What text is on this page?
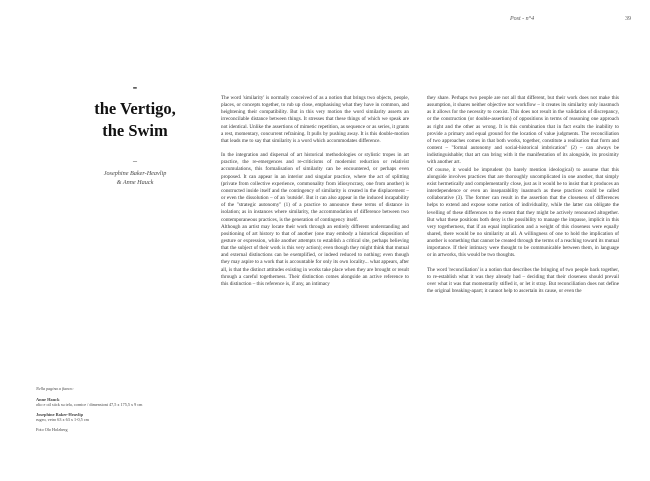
Post - n°4	39
-
the Vertigo,
the Swim
–
Josephine Baker-Heavlip
& Anne Hauck
Nella pagina a fianco:
Anne Hauck
olio e oil stick su tela, cornice / dimensioni 47,5 x 175,5 x 9 cm
Josephine Baker-Heavlip
rugeo, vetro 63 x 63 x 1-0,5 cm
Foto Olo Holzberg

The word 'similarity' is normally conceived of as a notion that brings two objects, people, places, or concepts together, to rub up close, emphasising what they have in common, and heightening their compatibility. But in this very motion the word similarity asserts an irreconcilable distance between things. It stresses that these things of which we speak are not identical. Unlike the assertions of mimetic repetition, as sequence or as series, it grants a rest, momentary, concurrent refraining. It pulls by pushing away. It is this double-motion that leads me to say that similarity is a word which accommodates difference.

In the integration and dispersal of art historical methodologies or stylistic tropes in art practice, the re-emergences and re-criticisms of modernist reduction or relativist accumulations, this formalisation of similarity can be encountered, or perhaps even proposed. It can appear in an interior and singular practice, where the act of splitting (private from collective experience, commonality from idiosyncrasy, one from another) is constructed inside itself and the contingency of similarity is created in the displacement – or even the dissolution – of an 'outside'. But it can also appear in the induced incapability of the "strategic autonomy" (1) of a practice to announce these terms of distance in isolation; as in instances where similarity, the accommodation of difference between two contemporaneous practices, is the generation of contingency itself.

Although an artist may locate their work through an entirely different understanding and positioning of art history to that of another (one may embody a historical disposition of gesture or expression, while another attempts to establish a critical site, perhaps believing that the subject of their work is this very action); even though they might think that mutual and external distinctions can be exemplified, or indeed reduced to nothing; even though they may aspire to a work that is accountable for only its own locality... what appears, after all, is that the distinct attitudes existing in works take place when they are brought or result through a careful togetherness. Their distinction comes alongside an active reference to this distinction – this reference is, if any, an intimacy

they share. Perhaps two people are not all that different, but their work does not make this assumption, it shares neither objective nor workflow – it creates its similarity only inasmuch as it allows for the necessity to coexist. This does not result in the validation of discrepancy, or the construction (or double-assertion) of oppositions in terms of reasoning one approach as right and the other as wrong. It is this combination that in fact exalts the inability to provide a primary and equal ground for the location of value judgments. The reconciliation of two approaches comes in that both works, together, constitute a realisation that form and content – "formal autonomy and social-historical imbrication" (2) – can always be indistinguishable; that art can bring with it the manifestation of its alongside, its proximity with another art.

Of course, it would be imprudent (to barely mention ideological) to assume that this alongside involves practices that are thoroughly uncomplicated in one another, that simply exist hermetically and complementarily close, just as it would be to insist that it produces an interdependence or even an inseparability inasmuch as these practices could be called collaborative (3). The former can result in the assertion that the closeness of differences helps to extend and expose some notion of individuality, while the latter can obligate the levelling of these differences to the extent that they might be actively renounced altogether. But what these positions both deny is the possibility to manage the impasse, implicit in this very togetherness, that if an equal implication and a weight of this closeness were equally shared, there would be no similarity at all. A willingness of one to hold the implication of another is something that cannot be created through the terms of a reaching toward its mutual importance. If their intimacy were thought to be communicable between them, in language or in artworks, this would be two thoughts.

The word 'reconciliation' is a notion that describes the bringing of two people back together, to re-establish what it was they already had – deciding that their closeness should prevail over what it was that momentarily stifled it, or let it stray. But reconciliation does not define the original breaking-apart; it cannot help to ascertain its cause, or even the
